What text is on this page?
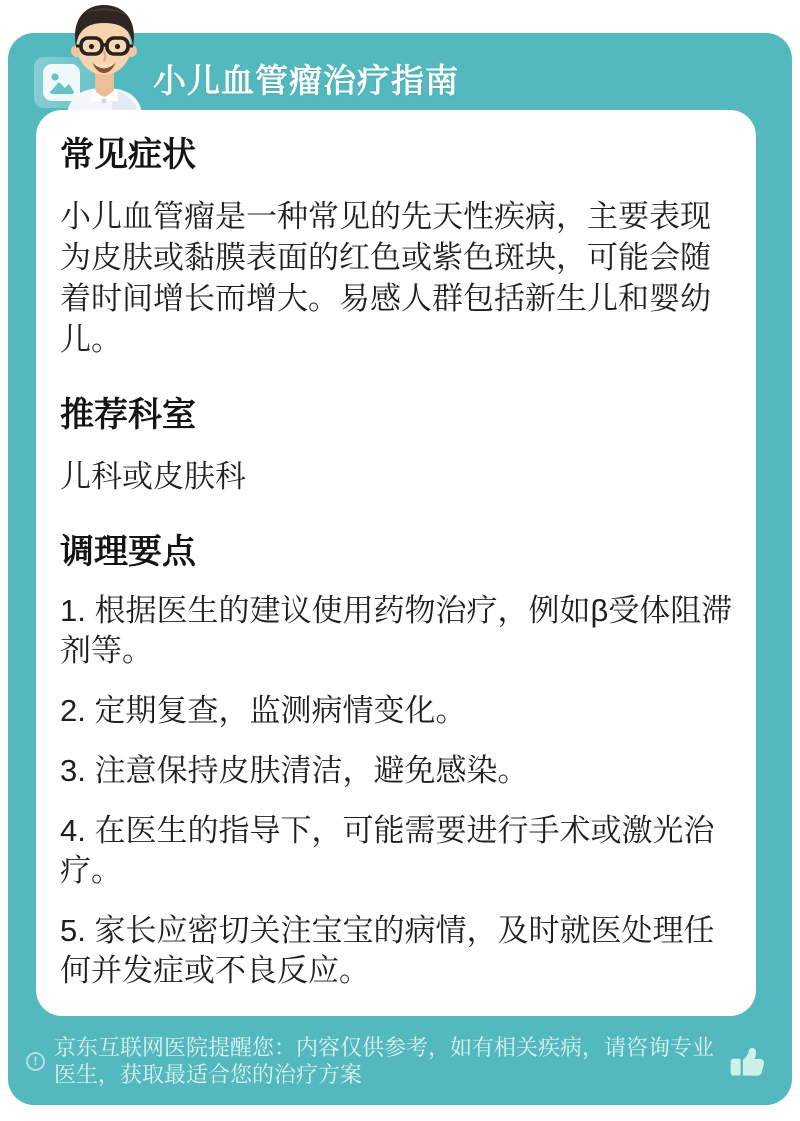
小儿血管瘤治疗指南
常见症状

小儿血管瘤是一种常见的先天性疾病，主要表现为皮肤或黏膜表面的红色或紫色斑块，可能会随着时间增长而增大。易感人群包括新生儿和婴幼儿。

推荐科室

儿科或皮肤科

调理要点
1. 根据医生的建议使用药物治疗，例如β受体阻滞剂等。
2. 定期复查，监测病情变化。
3. 注意保持皮肤清洁，避免感染。
4. 在医生的指导下，可能需要进行手术或激光治疗。
5. 家长应密切关注宝宝的病情，及时就医处理任何并发症或不良反应。
!
京东互联网医院提醒您：内容仅供参考，如有相关疾病，请咨询专业医生，获取最适合您的治疗方案
